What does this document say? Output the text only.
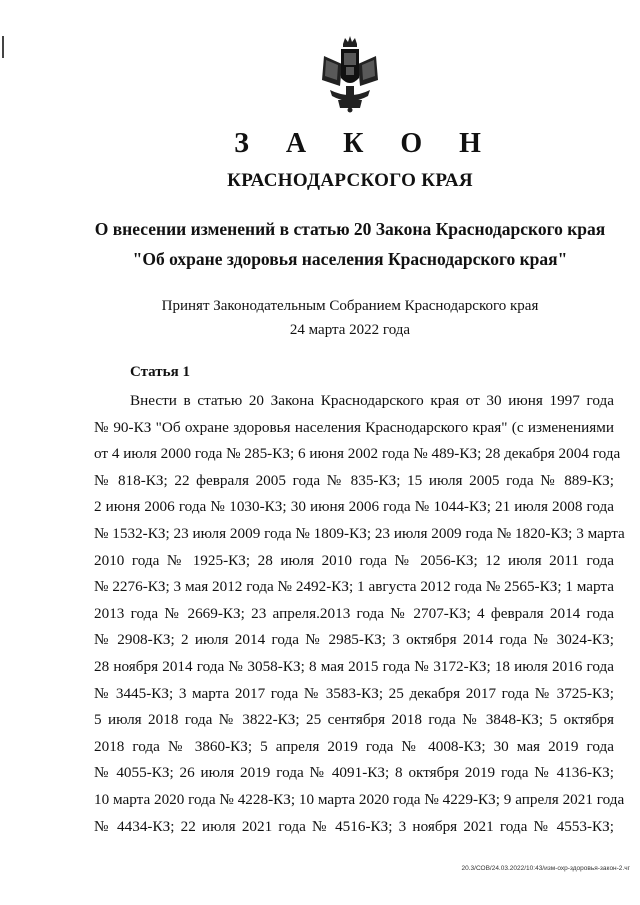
З А К О Н
КРАСНОДАРСКОГО КРАЯ
О внесении изменений в статью 20 Закона Краснодарского края
"Об охране здоровья населения Краснодарского края"
Принят Законодательным Собранием Краснодарского края
24 марта 2022 года
Статья 1
Внести в статью 20 Закона Краснодарского края от 30 июня 1997 года
№ 90-КЗ "Об охране здоровья населения Краснодарского края" (с изменениями
от 4 июля 2000 года № 285-КЗ; 6 июня 2002 года № 489-КЗ; 28 декабря 2004 года
№ 818-КЗ; 22 февраля 2005 года № 835-КЗ; 15 июля 2005 года № 889-КЗ;
2 июня 2006 года № 1030-КЗ; 30 июня 2006 года № 1044-КЗ; 21 июля 2008 года
№ 1532-КЗ; 23 июля 2009 года № 1809-КЗ; 23 июля 2009 года № 1820-КЗ; 3 марта
2010 года № 1925-КЗ; 28 июля 2010 года № 2056-КЗ; 12 июля 2011 года
№ 2276-КЗ; 3 мая 2012 года № 2492-КЗ; 1 августа 2012 года № 2565-КЗ; 1 марта
2013 года № 2669-КЗ; 23 апреля.2013 года № 2707-КЗ; 4 февраля 2014 года
№ 2908-КЗ; 2 июля 2014 года № 2985-КЗ; 3 октября 2014 года № 3024-КЗ;
28 ноября 2014 года № 3058-КЗ; 8 мая 2015 года № 3172-КЗ; 18 июля 2016 года
№ 3445-КЗ; 3 марта 2017 года № 3583-КЗ; 25 декабря 2017 года № 3725-КЗ;
5 июля 2018 года № 3822-КЗ; 25 сентября 2018 года № 3848-КЗ; 5 октября
2018 года № 3860-КЗ; 5 апреля 2019 года № 4008-КЗ; 30 мая 2019 года
№ 4055-КЗ; 26 июля 2019 года № 4091-КЗ; 8 октября 2019 года № 4136-КЗ;
10 марта 2020 года № 4228-КЗ; 10 марта 2020 года № 4229-КЗ; 9 апреля 2021 года
№ 4434-КЗ; 22 июля 2021 года № 4516-КЗ; 3 ноября 2021 года № 4553-КЗ;
20.3/СОВ/24.03.2022/10:43/изм-охр-здоровья-закон-2.чг
